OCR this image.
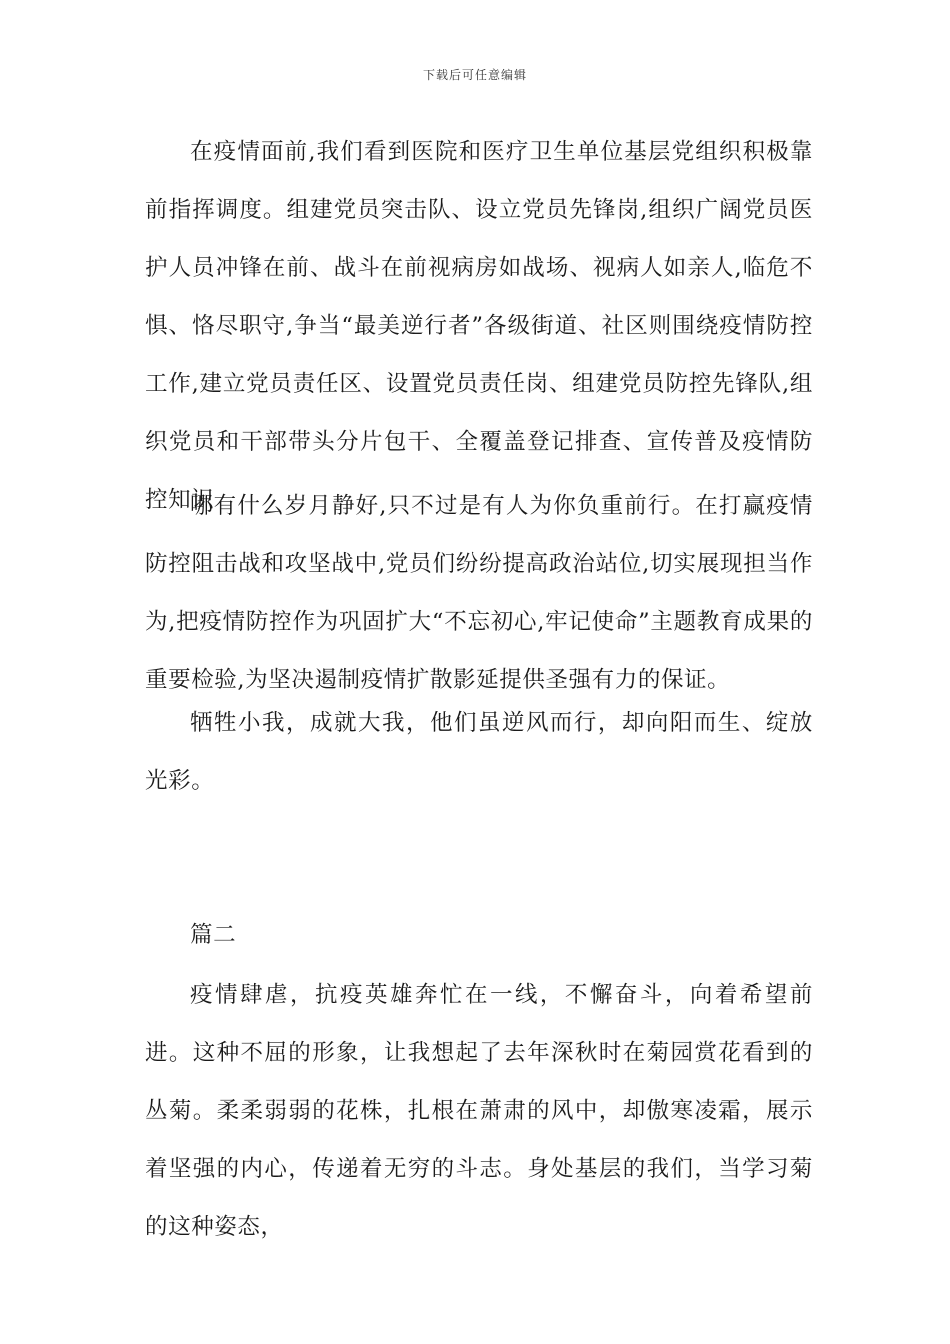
下载后可任意编辑

在疫情面前,我们看到医院和医疗卫生单位基层党组织积极靠前指挥调度。组建党员突击队、设立党员先锋岗,组织广阔党员医护人员冲锋在前、战斗在前视病房如战场、视病人如亲人,临危不惧、恪尽职守,争当“最美逆行者”各级街道、社区则围绕疫情防控工作,建立党员责任区、设置党员责任岗、组建党员防控先锋队,组织党员和干部带头分片包干、全覆盖登记排查、宣传普及疫情防控知识

哪有什么岁月静好,只不过是有人为你负重前行。在打赢疫情防控阻击战和攻坚战中,党员们纷纷提高政治站位,切实展现担当作为,把疫情防控作为巩固扩大“不忘初心,牢记使命”主题教育成果的重要检验,为坚决遏制疫情扩散影延提供圣强有力的保证。

牺牲小我，成就大我，他们虽逆风而行，却向阳而生、绽放光彩。

篇二

疫情肆虐，抗疫英雄奔忙在一线，不懈奋斗，向着希望前进。这种不屈的形象，让我想起了去年深秋时在菊园赏花看到的丛菊。柔柔弱弱的花株，扎根在萧肃的风中，却傲寒凌霜，展示着坚强的内心，传递着无穷的斗志。身处基层的我们，当学习菊的这种姿态，
